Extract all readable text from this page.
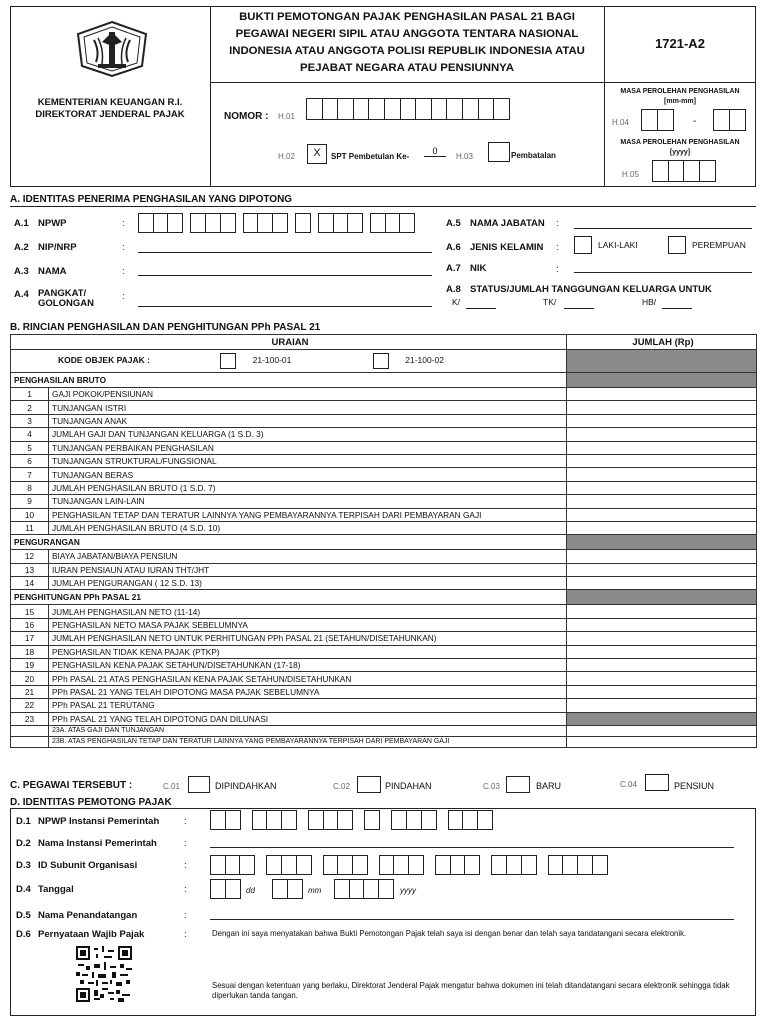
KEMENTERIAN KEUANGAN R.I.
DIREKTORAT JENDERAL PAJAK
BUKTI PEMOTONGAN PAJAK PENGHASILAN PASAL 21 BAGI
PEGAWAI NEGERI SIPIL ATAU ANGGOTA TENTARA NASIONAL
INDONESIA ATAU ANGGOTA POLISI REPUBLIK INDONESIA ATAU
PEJABAT NEGARA ATAU PENSIUNNYA
1721-A2
NOMOR : H.01
H.02	X	SPT Pembetulan Ke-
0
H.03	Pembatalan
MASA PEROLEHAN PENGHASILAN
[mm-mm]
H.04	-
MASA PEROLEHAN PENGHASILAN
[yyyy]
H.05
A. IDENTITAS PENERIMA PENGHASILAN YANG DIPOTONG
A.1 NPWP	:

A.2 NIP/NRP	:
A.3 NAMA	:
A.4 PANGKAT/
GOLONGAN
:
A.5 NAMA JABATAN :
A.6 JENIS KELAMIN :	LAKI-LAKI	PEREMPUAN
A.7 NIK	:
A.8 STATUS/JUMLAH TANGGUNGAN KELUARGA UNTUK
K/	TK/	HB/
B. RINCIAN PENGHASILAN DAN PENGHITUNGAN PPh PASAL 21
URAIAN		JUMLAH (Rp)
KODE OBJEK PAJAK : 21-100-01 21-100-02		
PENGHASILAN BRUTO		
1	GAJI POKOK/PENSIUNAN	
2	TUNJANGAN ISTRI	
3	TUNJANGAN ANAK	
4	JUMLAH GAJI DAN TUNJANGAN KELUARGA (1 S.D. 3)	
5	TUNJANGAN PERBAIKAN PENGHASILAN	
6	TUNJANGAN STRUKTURAL/FUNGSIONAL	
7	TUNJANGAN BERAS	
8	JUMLAH PENGHASILAN BRUTO (1 S.D. 7)	
9	TUNJANGAN LAIN-LAIN	
10	PENGHASILAN TETAP DAN TERATUR LAINNYA YANG PEMBAYARANNYA TERPISAH DARI PEMBAYARAN GAJI	
11	JUMLAH PENGHASILAN BRUTO (4 S.D. 10)	
PENGURANGAN		
12	BIAYA JABATAN/BIAYA PENSIUN	
13	IURAN PENSIAUN ATAU IURAN THT/JHT	
14	JUMLAH PENGURANGAN ( 12 S.D. 13)	
PENGHITUNGAN PPh PASAL 21		
15	JUMLAH PENGHASILAN NETO (11-14)	
16	PENGHASILAN NETO MASA PAJAK SEBELUMNYA	
17	JUMLAH PENGHASILAN NETO UNTUK PERHITUNGAN PPh PASAL 21 (SETAHUN/DISETAHUNKAN)	
18	PENGHASILAN TIDAK KENA PAJAK (PTKP)	
19	PENGHASILAN KENA PAJAK SETAHUN/DISETAHUNKAN (17-18)	
20	PPh PASAL 21 ATAS PENGHASILAN KENA PAJAK SETAHUN/DISETAHUNKAN	
21	PPh PASAL 21 YANG TELAH DIPOTONG MASA PAJAK SEBELUMNYA	
22	PPh PASAL 21 TERUTANG	
23	PPh PASAL 21 YANG TELAH DIPOTONG DAN DILUNASI	
	23A. ATAS GAJI DAN TUNJANGAN	
	23B. ATAS PENGHASILAN TETAP DAN TERATUR LAINNYA YANG PEMBAYARANNYA TERPISAH DARI PEMBAYARAN GAJI	
C. PEGAWAI TERSEBUT :	C.01	DIPINDAHKAN	C.02	PINDAHAN	C.03	BARU	C.04	PENSIUN
D. IDENTITAS PEMOTONG PAJAK
D.1 NPWP Instansi Pemerintah	:

D.2 Nama Instansi Pemerintah	:
D.3 ID Subunit Organisasi	:

D.4 Tanggal	:	dd	mm	yyyy
D.5 Nama Penandatangan	:
D.6 Pernyataan Wajib Pajak	:	Dengan ini saya menyatakan bahwa Bukti Pemotongan Pajak telah saya isi dengan benar dan telah saya tandatangani secara elektronik.
Sesuai dengan ketentuan yang berlaku, Direktorat Jenderal Pajak mengatur bahwa dokumen ini telah ditandatangani secara elektronik sehingga tidak diperlukan tanda tangan.
